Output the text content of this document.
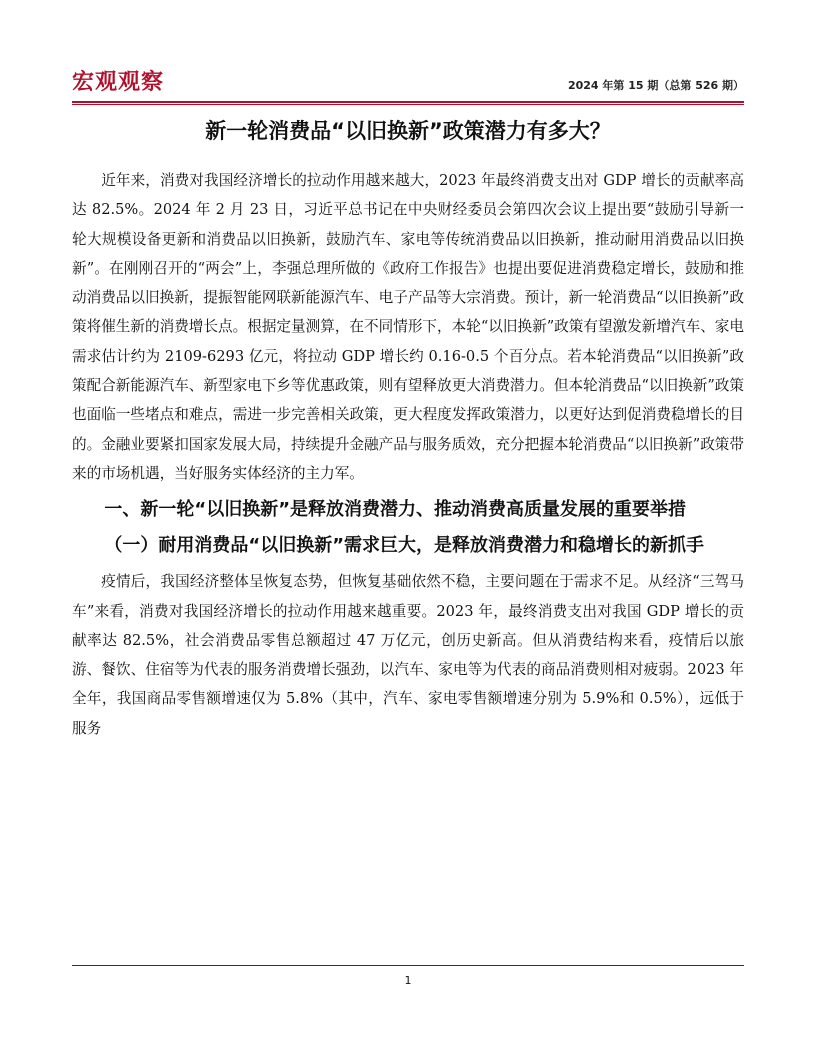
宏观观察	2024 年第 15 期（总第 526 期）
新一轮消费品“以旧换新”政策潜力有多大？

近年来，消费对我国经济增长的拉动作用越来越大，2023 年最终消费支出对 GDP 增长的贡献率高达 82.5%。2024 年 2 月 23 日，习近平总书记在中央财经委员会第四次会议上提出要“鼓励引导新一轮大规模设备更新和消费品以旧换新，鼓励汽车、家电等传统消费品以旧换新，推动耐用消费品以旧换新”。在刚刚召开的“两会”上，李强总理所做的《政府工作报告》也提出要促进消费稳定增长，鼓励和推动消费品以旧换新，提振智能网联新能源汽车、电子产品等大宗消费。预计，新一轮消费品“以旧换新”政策将催生新的消费增长点。根据定量测算，在不同情形下，本轮“以旧换新”政策有望激发新增汽车、家电需求估计约为 2109-6293 亿元，将拉动 GDP 增长约 0.16-0.5 个百分点。若本轮消费品“以旧换新”政策配合新能源汽车、新型家电下乡等优惠政策，则有望释放更大消费潜力。但本轮消费品“以旧换新”政策也面临一些堵点和难点，需进一步完善相关政策，更大程度发挥政策潜力，以更好达到促消费稳增长的目的。金融业要紧扣国家发展大局，持续提升金融产品与服务质效，充分把握本轮消费品“以旧换新”政策带来的市场机遇，当好服务实体经济的主力军。

一、新一轮“以旧换新”是释放消费潜力、推动消费高质量发展的重要举措
（一）耐用消费品“以旧换新”需求巨大，是释放消费潜力和稳增长的新抓手

疫情后，我国经济整体呈恢复态势，但恢复基础依然不稳，主要问题在于需求不足。从经济“三驾马车”来看，消费对我国经济增长的拉动作用越来越重要。2023 年，最终消费支出对我国 GDP 增长的贡献率达 82.5%，社会消费品零售总额超过 47 万亿元，创历史新高。但从消费结构来看，疫情后以旅游、餐饮、住宿等为代表的服务消费增长强劲，以汽车、家电等为代表的商品消费则相对疲弱。2023 年全年，我国商品零售额增速仅为 5.8%（其中，汽车、家电零售额增速分别为 5.9%和 0.5%），远低于服务

1
